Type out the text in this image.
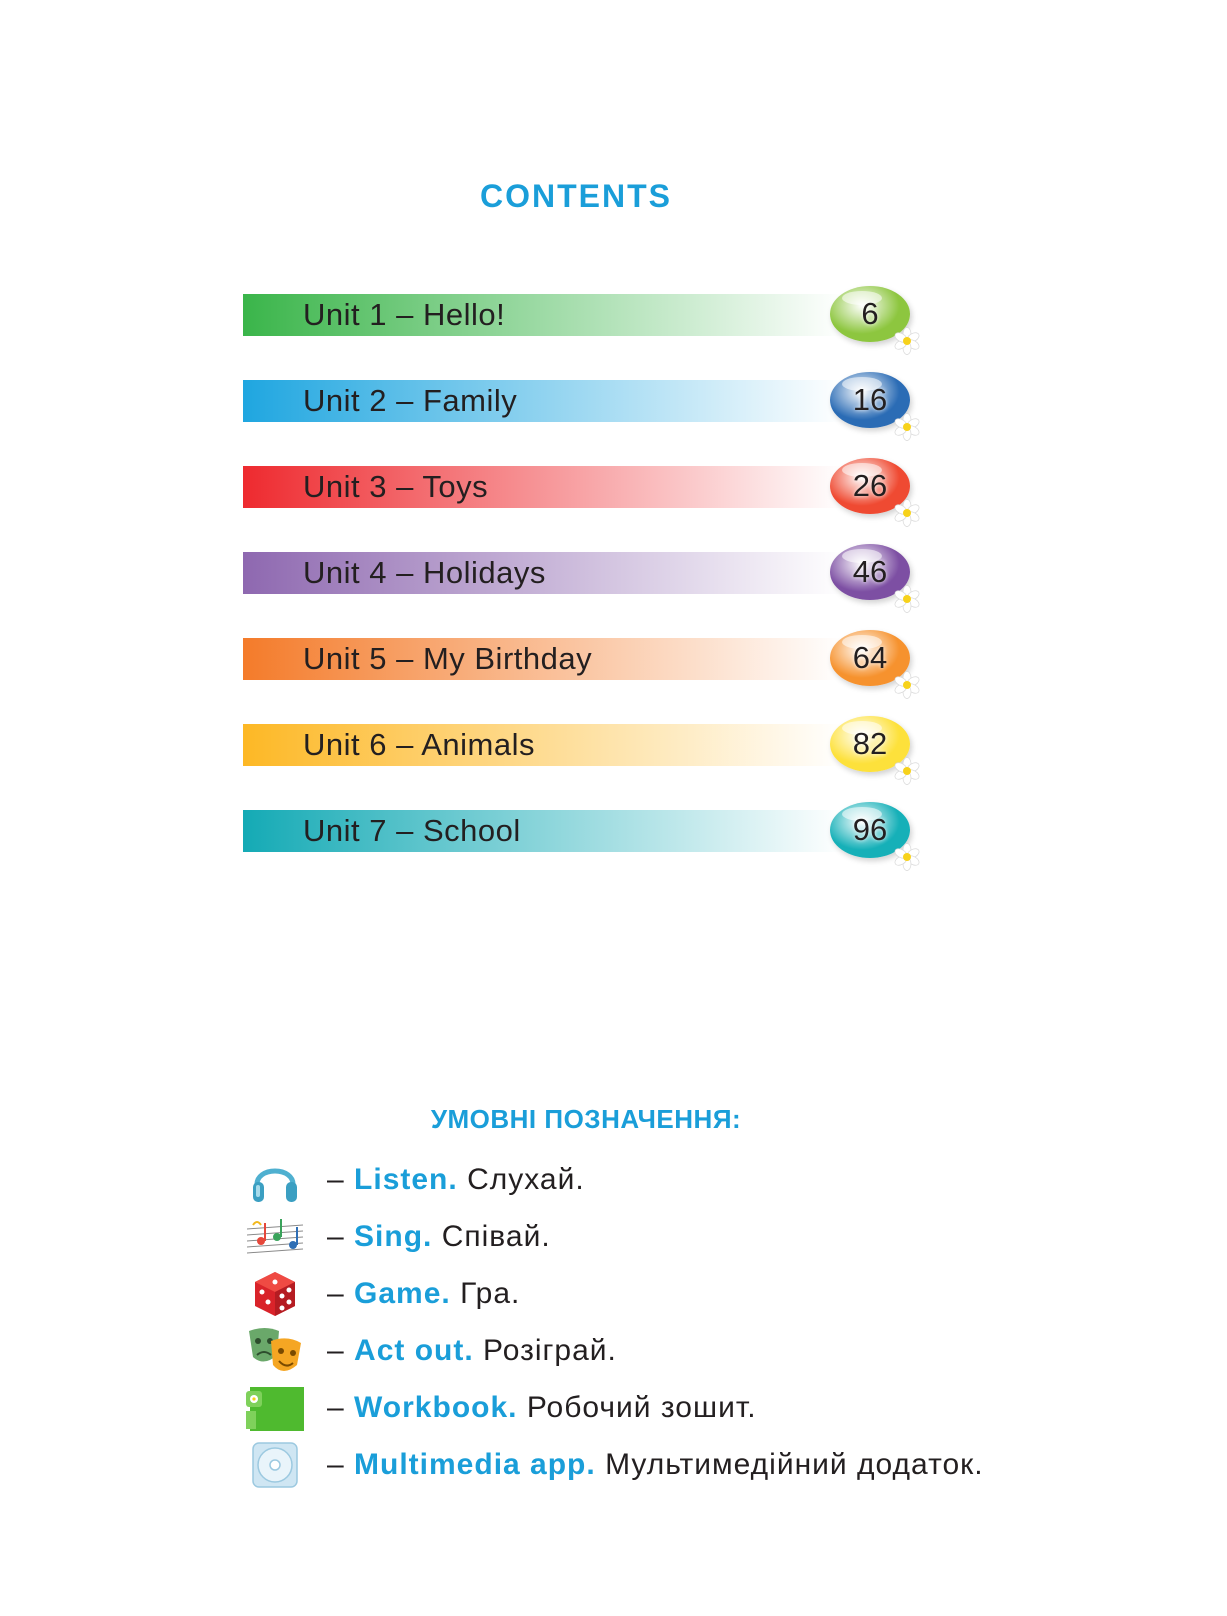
CONTENTS
Unit 1 – Hello!	6
Unit 2 – Family	16
Unit 3 – Toys	26
Unit 4 – Holidays	46
Unit 5 – My Birthday	64
Unit 6 – Animals	82
Unit 7 – School	96
УМОВНІ ПОЗНАЧЕННЯ:
– Listen. Слухай.
– Sing. Співай.
– Game. Гра.
– Act out. Розіграй.
– Workbook. Робочий зошит.
– Multimedia app. Мультимедійний додаток.
